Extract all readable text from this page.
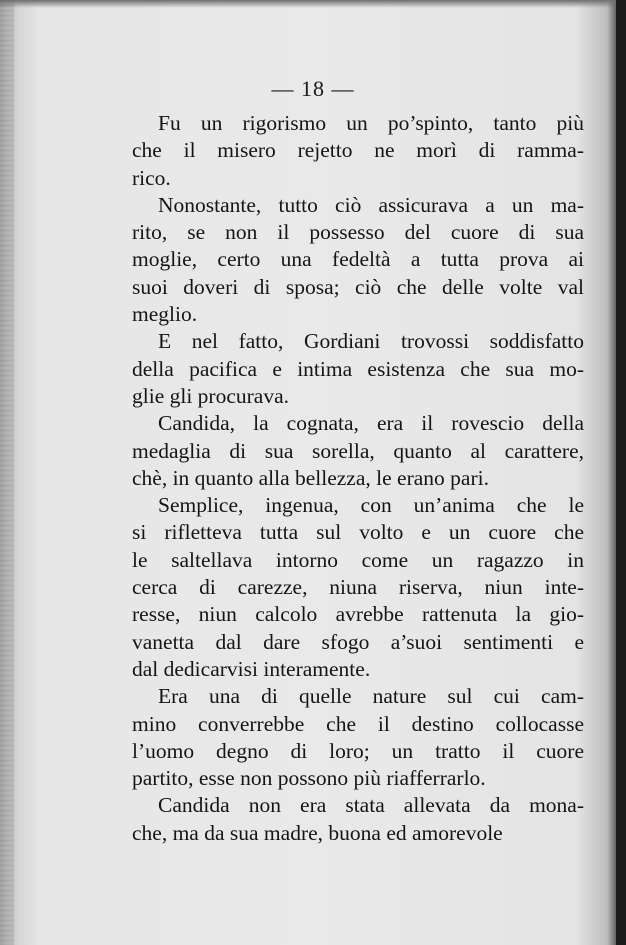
— 18 —
Fu un rigorismo un po’spinto, tanto più
che il misero rejetto ne morì di ramma-
rico.
Nonostante, tutto ciò assicurava a un ma-
rito, se non il possesso del cuore di sua
moglie, certo una fedeltà a tutta prova ai
suoi doveri di sposa; ciò che delle volte val
meglio.
E nel fatto, Gordiani trovossi soddisfatto
della pacifica e intima esistenza che sua mo-
glie gli procurava.
Candida, la cognata, era il rovescio della
medaglia di sua sorella, quanto al carattere,
chè, in quanto alla bellezza, le erano pari.
Semplice, ingenua, con un’anima che le
si rifletteva tutta sul volto e un cuore che
le saltellava intorno come un ragazzo in
cerca di carezze, niuna riserva, niun inte-
resse, niun calcolo avrebbe rattenuta la gio-
vanetta dal dare sfogo a’suoi sentimenti e
dal dedicarvisi interamente.
Era una di quelle nature sul cui cam-
mino converrebbe che il destino collocasse
l’uomo degno di loro; un tratto il cuore
partito, esse non possono più riafferrarlo.
Candida non era stata allevata da mona-
che, ma da sua madre, buona ed amorevole
